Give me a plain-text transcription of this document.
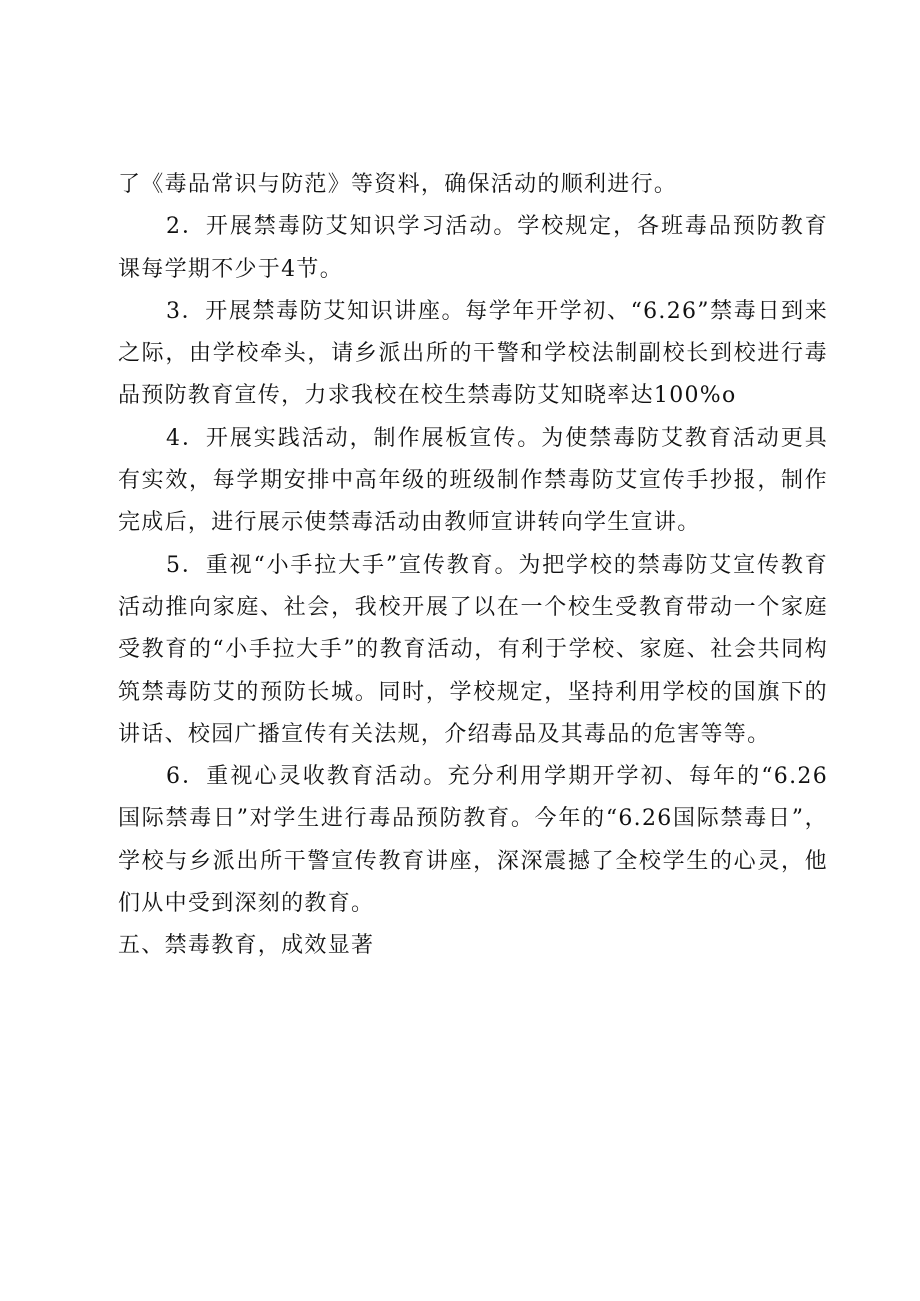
了《毒品常识与防范》等资料，确保活动的顺利进行。

2．开展禁毒防艾知识学习活动。学校规定，各班毒品预防教育课每学期不少于4节。

3．开展禁毒防艾知识讲座。每学年开学初、“6.26”禁毒日到来之际，由学校牵头，请乡派出所的干警和学校法制副校长到校进行毒品预防教育宣传，力求我校在校生禁毒防艾知晓率达100%o

4．开展实践活动，制作展板宣传。为使禁毒防艾教育活动更具有实效，每学期安排中高年级的班级制作禁毒防艾宣传手抄报，制作完成后，进行展示使禁毒活动由教师宣讲转向学生宣讲。

5．重视“小手拉大手”宣传教育。为把学校的禁毒防艾宣传教育活动推向家庭、社会，我校开展了以在一个校生受教育带动一个家庭受教育的“小手拉大手”的教育活动，有利于学校、家庭、社会共同构筑禁毒防艾的预防长城。同时，学校规定，坚持利用学校的国旗下的讲话、校园广播宣传有关法规，介绍毒品及其毒品的危害等等。

6．重视心灵收教育活动。充分利用学期开学初、每年的“6.26国际禁毒日”对学生进行毒品预防教育。今年的“6.26国际禁毒日”，学校与乡派出所干警宣传教育讲座，深深震撼了全校学生的心灵，他们从中受到深刻的教育。

五、禁毒教育，成效显著
